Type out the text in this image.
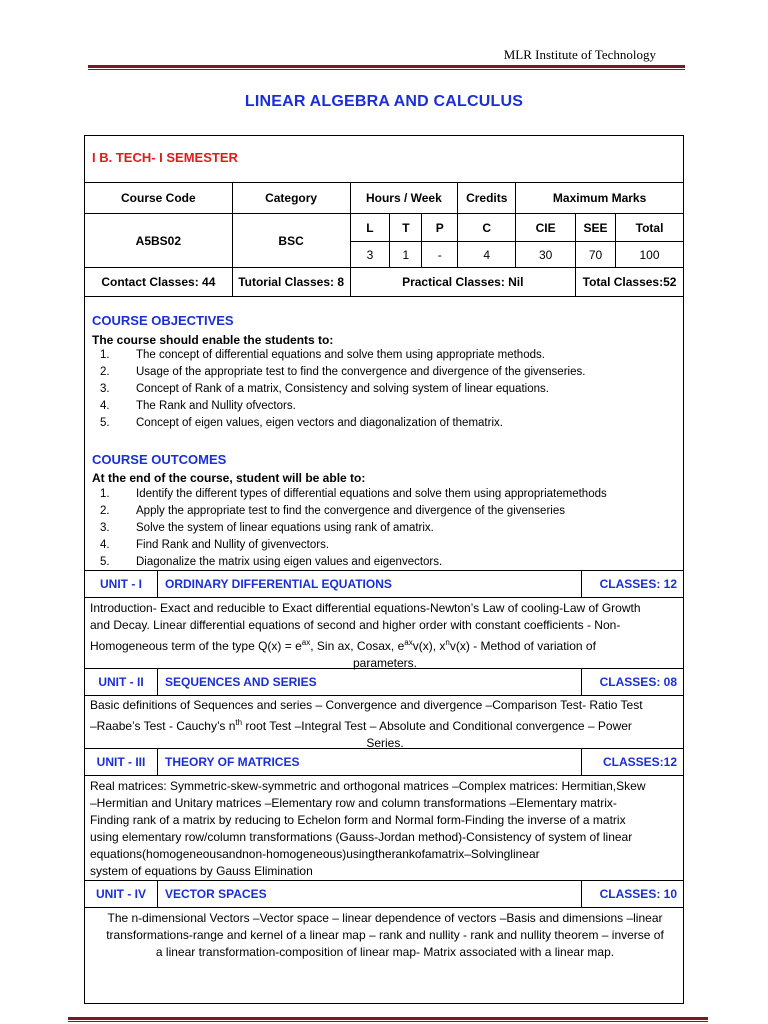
MLR Institute of Technology
LINEAR ALGEBRA AND CALCULUS
I B. TECH- I SEMESTER
Course Code	Category	Hours / Week			Credits	Maximum Marks		
A5BS02	BSC	L	T	P	C	CIE	SEE	Total
		3	1	-	4	30	70	100
Contact Classes: 44	Tutorial Classes: 8	Practical Classes: Nil					Total Classes:52	
COURSE OBJECTIVES
The course should enable the students to:
1. The concept of differential equations and solve them using appropriate methods.
2. Usage of the appropriate test to find the convergence and divergence of the givenseries.
3. Concept of Rank of a matrix, Consistency and solving system of linear equations.
4. The Rank and Nullity ofvectors.
5. Concept of eigen values, eigen vectors and diagonalization of thematrix.
COURSE OUTCOMES
At the end of the course, student will be able to:
1. Identify the different types of differential equations and solve them using appropriatemethods
2. Apply the appropriate test to find the convergence and divergence of the givenseries
3. Solve the system of linear equations using rank of amatrix.
4. Find Rank and Nullity of givenvectors.
5. Diagonalize the matrix using eigen values and eigenvectors.
UNIT - I	ORDINARY DIFFERENTIAL EQUATIONS	CLASSES: 12
Introduction- Exact and reducible to Exact differential equations-Newton’s Law of cooling-Law of Growth
and Decay. Linear differential equations of second and higher order with constant coefficients - Non-
Homogeneous term of the type $Q(x) = e^{ax}$, Sin ax, Cosax, $e^{ax}v(x)$, $x^nv(x)$ - Method of variation of
parameters.
UNIT - II	SEQUENCES AND SERIES	CLASSES: 08
Basic definitions of Sequences and series – Convergence and divergence –Comparison Test- Ratio Test
–Raabe’s Test - Cauchy’s $n^{th}$ root Test –Integral Test – Absolute and Conditional convergence – Power
Series.
UNIT - III	THEORY OF MATRICES	CLASSES:12
Real matrices: Symmetric-skew-symmetric and orthogonal matrices –Complex matrices: Hermitian,Skew
–Hermitian and Unitary matrices –Elementary row and column transformations –Elementary matrix-
Finding rank of a matrix by reducing to Echelon form and Normal form-Finding the inverse of a matrix
using elementary row/column transformations (Gauss-Jordan method)-Consistency of system of linear
equations(homogeneousandnon-homogeneous)usingtherankofamatrix–Solvinglinear
system of equations by Gauss Elimination
UNIT - IV	VECTOR SPACES	CLASSES: 10
The n-dimensional Vectors –Vector space – linear dependence of vectors –Basis and dimensions –linear
transformations-range and kernel of a linear map – rank and nullity - rank and nullity theorem – inverse of
a linear transformation-composition of linear map- Matrix associated with a linear map.
